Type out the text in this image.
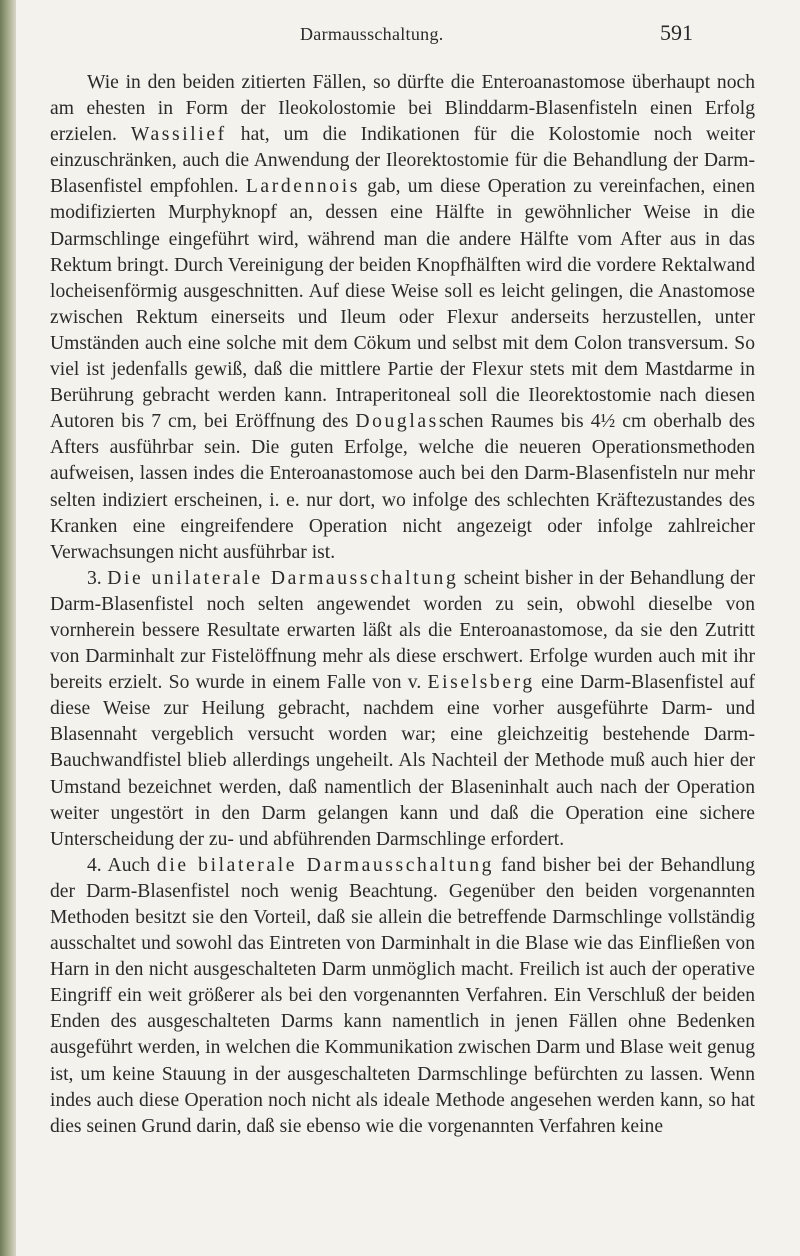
Darmausschaltung.	591

Wie in den beiden zitierten Fällen, so dürfte die Enteroanastomose überhaupt noch am ehesten in Form der Ileokolostomie bei Blinddarm-Blasenfisteln einen Erfolg erzielen. Wassilief hat, um die Indikationen für die Kolostomie noch weiter einzuschränken, auch die Anwendung der Ileorektostomie für die Behandlung der Darm-Blasenfistel empfohlen. Lardennois gab, um diese Operation zu vereinfachen, einen modifizierten Murphyknopf an, dessen eine Hälfte in gewöhnlicher Weise in die Darmschlinge eingeführt wird, während man die andere Hälfte vom After aus in das Rektum bringt. Durch Vereinigung der beiden Knopfhälften wird die vordere Rektalwand locheisenförmig ausgeschnitten. Auf diese Weise soll es leicht gelingen, die Anastomose zwischen Rektum einerseits und Ileum oder Flexur anderseits herzustellen, unter Umständen auch eine solche mit dem Cökum und selbst mit dem Colon transversum. So viel ist jedenfalls gewiß, daß die mittlere Partie der Flexur stets mit dem Mastdarme in Berührung gebracht werden kann. Intraperitoneal soll die Ileorektostomie nach diesen Autoren bis 7 cm, bei Eröffnung des Douglasschen Raumes bis 4½ cm oberhalb des Afters ausführbar sein. Die guten Erfolge, welche die neueren Operationsmethoden aufweisen, lassen indes die Enteroanastomose auch bei den Darm-Blasenfisteln nur mehr selten indiziert erscheinen, i. e. nur dort, wo infolge des schlechten Kräftezustandes des Kranken eine eingreifendere Operation nicht angezeigt oder infolge zahlreicher Verwachsungen nicht ausführbar ist.

3. Die unilaterale Darmausschaltung scheint bisher in der Behandlung der Darm-Blasenfistel noch selten angewendet worden zu sein, obwohl dieselbe von vornherein bessere Resultate erwarten läßt als die Enteroanastomose, da sie den Zutritt von Darminhalt zur Fistelöffnung mehr als diese erschwert. Erfolge wurden auch mit ihr bereits erzielt. So wurde in einem Falle von v. Eiselsberg eine Darm-Blasenfistel auf diese Weise zur Heilung gebracht, nachdem eine vorher ausgeführte Darm- und Blasennaht vergeblich versucht worden war; eine gleichzeitig bestehende Darm-Bauchwandfistel blieb allerdings ungeheilt. Als Nachteil der Methode muß auch hier der Umstand bezeichnet werden, daß namentlich der Blaseninhalt auch nach der Operation weiter ungestört in den Darm gelangen kann und daß die Operation eine sichere Unterscheidung der zu- und abführenden Darmschlinge erfordert.

4. Auch die bilaterale Darmausschaltung fand bisher bei der Behandlung der Darm-Blasenfistel noch wenig Beachtung. Gegenüber den beiden vorgenannten Methoden besitzt sie den Vorteil, daß sie allein die betreffende Darmschlinge vollständig ausschaltet und sowohl das Eintreten von Darminhalt in die Blase wie das Einfließen von Harn in den nicht ausgeschalteten Darm unmöglich macht. Freilich ist auch der operative Eingriff ein weit größerer als bei den vorgenannten Verfahren. Ein Verschluß der beiden Enden des ausgeschalteten Darms kann namentlich in jenen Fällen ohne Bedenken ausgeführt werden, in welchen die Kommunikation zwischen Darm und Blase weit genug ist, um keine Stauung in der ausgeschalteten Darmschlinge befürchten zu lassen. Wenn indes auch diese Operation noch nicht als ideale Methode angesehen werden kann, so hat dies seinen Grund darin, daß sie ebenso wie die vorgenannten Verfahren keine
